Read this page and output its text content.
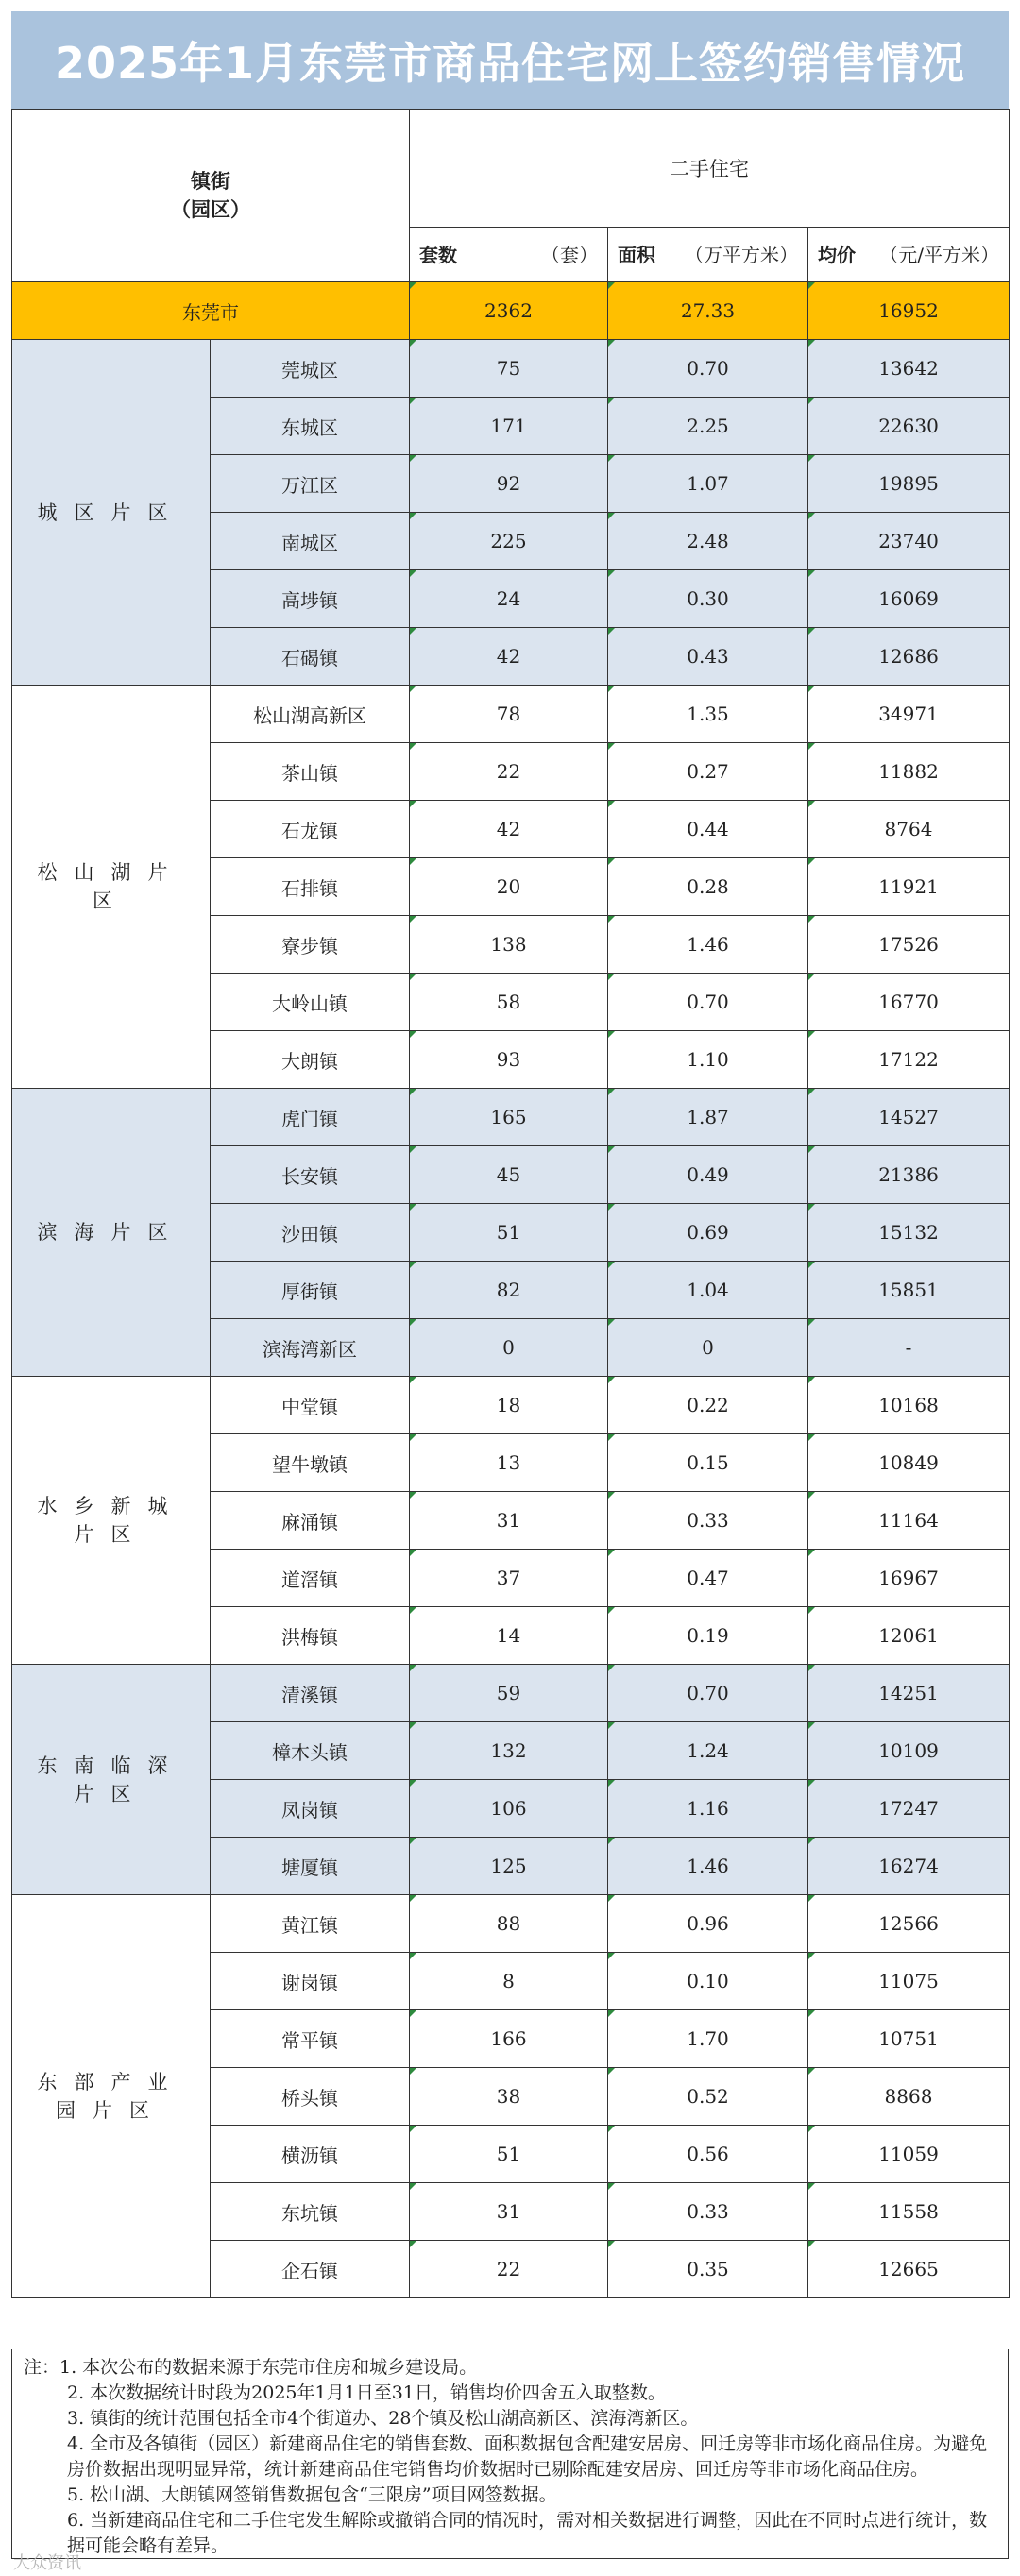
2025年1月东莞市商品住宅网上签约销售情况
镇街
（园区）		二手住宅		

		套数 （套）	面积 （万平方米）	均价 （元/平方米）

东莞市		2362	27.33	16952
城区片区	莞城区	75	0.70	13642
	东城区	171	2.25	22630
	万江区	92	1.07	19895
	南城区	225	2.48	23740
	高埗镇	24	0.30	16069
	石碣镇	42	0.43	12686
松山湖片区	松山湖高新区	78	1.35	34971
	茶山镇	22	0.27	11882
	石龙镇	42	0.44	8764
	石排镇	20	0.28	11921
	寮步镇	138	1.46	17526
	大岭山镇	58	0.70	16770
	大朗镇	93	1.10	17122
滨海片区	虎门镇	165	1.87	14527
	长安镇	45	0.49	21386
	沙田镇	51	0.69	15132
	厚街镇	82	1.04	15851
	滨海湾新区	0	0	-
水乡新城片区	中堂镇	18	0.22	10168
	望牛墩镇	13	0.15	10849
	麻涌镇	31	0.33	11164
	道滘镇	37	0.47	16967
	洪梅镇	14	0.19	12061
东南临深片区	清溪镇	59	0.70	14251
	樟木头镇	132	1.24	10109
	凤岗镇	106	1.16	17247
	塘厦镇	125	1.46	16274
东部产业园片区	黄江镇	88	0.96	12566
	谢岗镇	8	0.10	11075
	常平镇	166	1.70	10751
	桥头镇	38	0.52	8868
	横沥镇	51	0.56	11059
	东坑镇	31	0.33	11558
	企石镇	22	0.35	12665

注：1. 本次公布的数据来源于东莞市住房和城乡建设局。

2. 本次数据统计时段为2025年1月1日至31日，销售均价四舍五入取整数。

3. 镇街的统计范围包括全市4个街道办、28个镇及松山湖高新区、滨海湾新区。

4. 全市及各镇街（园区）新建商品住宅的销售套数、面积数据包含配建安居房、回迁房等非市场化商品住房。为避免房价数据出现明显异常，统计新建商品住宅销售均价数据时已剔除配建安居房、回迁房等非市场化商品住房。

5. 松山湖、大朗镇网签销售数据包含“三限房”项目网签数据。

6. 当新建商品住宅和二手住宅发生解除或撤销合同的情况时，需对相关数据进行调整，因此在不同时点进行统计，数据可能会略有差异。

大众资讯
